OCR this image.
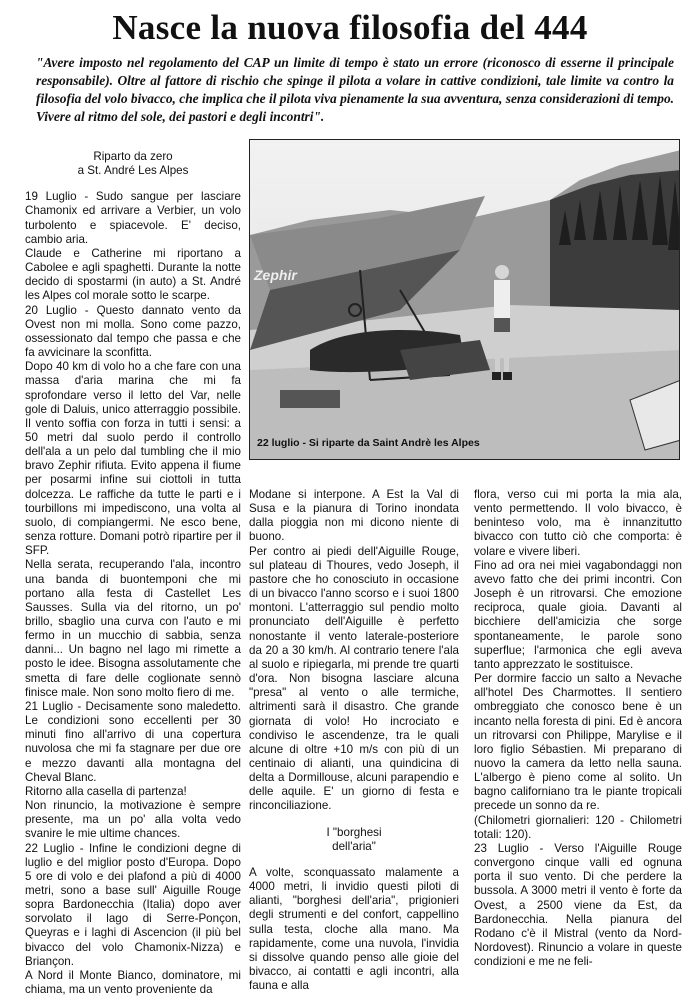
Nasce la nuova filosofia del 444

"Avere imposto nel regolamento del CAP un limite di tempo è stato un errore (riconosco di esserne il principale responsabile). Oltre al fattore di rischio che spinge il pilota a volare in cattive condizioni, tale limite va contro la filosofia del volo bivacco, che implica che il pilota viva pienamente la sua avventura, senza considerazioni di tempo. Vivere al ritmo del sole, dei pastori e degli incontri".

Riparto da zero
a St. André Les Alpes

19 Luglio - Sudo sangue per lasciare Chamonix ed arrivare a Verbier, un volo turbolento e spiacevole. E' deciso, cambio aria.

Claude e Catherine mi riportano a Cabolee e agli spaghetti. Durante la notte decido di spostarmi (in auto) a St. André les Alpes col morale sotto le scarpe.

20 Luglio - Questo dannato vento da Ovest non mi molla. Sono come pazzo, ossessionato dal tempo che passa e che fa avvicinare la sconfitta.

Dopo 40 km di volo ho a che fare con una massa d'aria marina che mi fa sprofondare verso il letto del Var, nelle gole di Daluis, unico atterraggio possibile. Il vento soffia con forza in tutti i sensi: a 50 metri dal suolo perdo il controllo dell'ala a un pelo dal tumbling che il mio bravo Zephir rifiuta. Evito appena il fiume per posarmi infine sui ciottoli in tutta dolcezza. Le raffiche da tutte le parti e i tourbillons mi impediscono, una volta al suolo, di compiangermi. Ne esco bene, senza rotture. Domani potrò ripartire per il SFP.

Nella serata, recuperando l'ala, incontro una banda di buontemponi che mi portano alla festa di Castellet Les Sausses. Sulla via del ritorno, un po' brillo, sbaglio una curva con l'auto e mi fermo in un mucchio di sabbia, senza danni... Un bagno nel lago mi rimette a posto le idee. Bisogna assolutamente che smetta di fare delle coglionate sennò finisce male. Non sono molto fiero di me.

21 Luglio - Decisamente sono maledetto. Le condizioni sono eccellenti per 30 minuti fino all'arrivo di una copertura nuvolosa che mi fa stagnare per due ore e mezzo davanti alla montagna del Cheval Blanc.

Ritorno alla casella di partenza!

Non rinuncio, la motivazione è sempre presente, ma un po' alla volta vedo svanire le mie ultime chances.

22 Luglio - Infine le condizioni degne di luglio e del miglior posto d'Europa. Dopo 5 ore di volo e dei plafond a più di 4000 metri, sono a base sull' Aiguille Rouge sopra Bardonecchia (Italia) dopo aver sorvolato il lago di Serre-Ponçon, Queyras e i laghi di Ascencion (il più bel bivacco del volo Chamonix-Nizza) e Briançon.

A Nord il Monte Bianco, dominatore, mi chiama, ma un vento proveniente da

Zephir

22 luglio - Si riparte da Saint Andrè les Alpes

Modane si interpone. A Est la Val di Susa e la pianura di Torino inondata dalla pioggia non mi dicono niente di buono.

Per contro ai piedi dell'Aiguille Rouge, sul plateau di Thoures, vedo Joseph, il pastore che ho conosciuto in occasione di un bivacco l'anno scorso e i suoi 1800 montoni. L'atterraggio sul pendio molto pronunciato dell'Aiguille è perfetto nonostante il vento laterale-posteriore da 20 a 30 km/h. Al contrario tenere l'ala al suolo e ripiegarla, mi prende tre quarti d'ora. Non bisogna lasciare alcuna "presa" al vento o alle termiche, altrimenti sarà il disastro. Che grande giornata di volo! Ho incrociato e condiviso le ascendenze, tra le quali alcune di oltre +10 m/s con più di un centinaio di alianti, una quindicina di delta a Dormillouse, alcuni parapendio e delle aquile. E' un giorno di festa e rinconciliazione.

I "borghesi
dell'aria"

A volte, sconquassato malamente a 4000 metri, li invidio questi piloti di alianti, "borghesi dell'aria", prigionieri degli strumenti e del confort, cappellino sulla testa, cloche alla mano. Ma rapidamente, come una nuvola, l'invidia si dissolve quando penso alle gioie del bivacco, ai contatti e agli incontri, alla fauna e alla

flora, verso cui mi porta la mia ala, vento permettendo. Il volo bivacco, è beninteso volo, ma è innanzitutto bivacco con tutto ciò che comporta: è volare e vivere liberi.

Fino ad ora nei miei vagabondaggi non avevo fatto che dei primi incontri. Con Joseph è un ritrovarsi. Che emozione reciproca, quale gioia. Davanti al bicchiere dell'amicizia che sorge spontaneamente, le parole sono superflue; l'armonica che egli aveva tanto apprezzato le sostituisce.

Per dormire faccio un salto a Nevache all'hotel Des Charmottes. Il sentiero ombreggiato che conosco bene è un incanto nella foresta di pini. Ed è ancora un ritrovarsi con Philippe, Marylise e il loro figlio Sébastien. Mi preparano di nuovo la camera da letto nella sauna. L'albergo è pieno come al solito. Un bagno californiano tra le piante tropicali precede un sonno da re.

(Chilometri giornalieri: 120 - Chilometri totali: 120).

23 Luglio - Verso l'Aiguille Rouge convergono cinque valli ed ognuna porta il suo vento. Di che perdere la bussola. A 3000 metri il vento è forte da Ovest, a 2500 viene da Est, da Bardonecchia. Nella pianura del Rodano c'è il Mistral (vento da Nord-Nordovest). Rinuncio a volare in queste condizioni e me ne feli-
